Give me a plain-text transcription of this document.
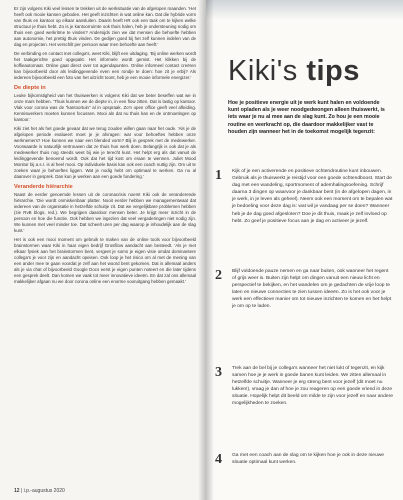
Er zijn volgens Kiki veel lessen te trekken uit de werksituatie van de afgelopen maanden. 'Het heeft ook mooie kansen geboden. Het geeft inzichten in wat online kan. Dat die hybride vorm van thuis en kantoor op elkaar aansluiten. Daarin heeft HR ook een taak om te kijken welke structuur je thuis hebt. Zo is je kantoorruimte ook thuis halen, heb je ondersteuning nodig om thuis een goed werkritme te vinden? Andersijds zien we dat mensen die behoefte hebben aan autonomie, het prettig thuis vinden. De gedijen goed bij het zelf kunnen indelen van de dag en projecten. Het verschilt per persoon waar men behoefte aan heeft.'

De verbinding en contact met collega's, weet Kiki, blijft een uitdaging. 'Bij online werken wordt het taakgerichte goed opgepakt. Het informele wordt gemist. Het klikken bij de koffieautomaat. Online gaat direct over tot agendapunten. Online informeel contact creëren kan bijvoorbeeld door als leidinggevende even een rondje te doen: hoe zit je erbij? Als iedereen bijvoorbeeld een foto van het uitzicht toont, heb je een mooie informele energizer.'

De diepte in

Leuke bijkomstigheid van het thuiswerken is volgens Kiki dat we beter beseffen wat we in onze mars hebben. 'Thuis kunnen we de diepte in, in een flow zitten. Dat is lastig op kantoor. Vlak voor corona was de "kantoortuin" al in opspraak. Zo'n open office geeft veel afleiding. Kenniswerkers moeten kunnen focussen. Mooi als dat nu thuis kan en de ontmoetingen op kantoor.'

Kiki ziet het als het goede gevaar dat we terug zouden willen gaan naar het oude. 'Als je de afgelopen periode evalueert moet je je afvragen: wat voor behoeftes hebben onze werknemers? Hoe kunnen we naar een blended vorm? Blij in gesprek met de medewerker. Voorwaarde is natuurlijk vertrouwen dat ze thuis hun werk doen. Belangrijk is ook dat je als medewerker thuis nog steeds weet bij wie je terecht kunt. Het helpt erg als dat vanuit de leidinggevende benoemd wordt. Ook dat het tijd kost om eraan te wennen. Juliet Mood Monitor bij a.s.r. is al heel mooi. Op individuele basis kan ook een coach nuttig zijn. Om uit te zoeken waar je behoeftes liggen. Wat je nodig hebt om optimaal te werken. Ga nu al daarover in gesprek. Dan kun je werken aan een goede fundering.'

Veranderde hiërarchie

Naast de eerder genoemde lessen uit de coronacrisis noemt Kiki ook de veranderende hiërarchie. 'Die wordt onmiskenbaar platter. Nooit eerder hebben we managementwaat dat iedereen van de organisatie in hetzelfde schuitje zit. Dat we vergelijkbare problemen hebben (zie RvB blogs, red.). We begrijpen daardoor mensen beter. Je krijgt meer inzicht in de persoon en hoe die functie. Ook hebben we ingezien dat veel vergaderingen niet nodig zijn. We kunnen met veel minder toe. Dat scheelt uren per dag waarop je inhoudelijk aan de slag kunt.'

Het is ook een mooi moment om gebruik te maken van de online tools voor bijvoorbeeld brainstormen waar Kiki in haar eigen bedrijf Grosfilow aandacht aan besteedt. 'Als je met elkaar fysiek aan het brainstormen bent, vergeet je soms je eigen visie omdat dominantere collega's je voor zijn en aandacht opeisen. Ook loop je het risico om al met de mening van een ander mee te gaan voordat je zelf aan het woord bent gekomen. Dat is allemaal anders als je via chat of bijvoorbeeld Google Docs eerst je eigen punten noteert en die later tijdens een gesprek deelt. Dan komen we vaak tot meer innovatieve ideeën. En dat zal ons allemaal makkelijker afgaan nu we door corona online een enorme vooruitgang hebben gemaakt.'

12 | i.p.-augustus 2020
Kiki's tips
Hoe je positieve energie uit je werk kunt halen en voldoende kunt opladen als je weer noodgedwongen alleen thuiswerkt, is iets waar je nu al mee aan de slag kunt. Zo hou je een mooie routine en veerkracht op, die daardoor makkelijker vast te houden zijn wanneer het in de toekomst mogelijk tegenzit:
1	Kijk of je een activerende en positieve ochtendroutine kunt inbouwen. Gebruik als je thuiswerkt je reistijd voor een goede ochtendboost. Start de dag met een wandeling, sportmoment of ademhalingsoefening. Schrijf daarna 3 dingen op waarvoor je dankbaar bent (in de afgelopen dagen, in je werk, in je leven als geheel). Neem ook een moment om te bepalen wat je bedoeling voor deze dag is: wat wil je vandaag per se doen? Wanneer heb je de dag goed afgesloten? Doe je dit thuis, maak je zelf invloed op hebt. Zo geef je positieve focus aan je dag en activeer je jezelf.
2	Blijf voldoende pauze nemen en ga naar buiten, ook wanneer het regent of grijs weer is. Buiten zijn helpt om dingen vanuit een nieuw licht en perspectief te bekijken, en het wandelen om je gedachten de vrije loop te laten en nieuwe connecties te zien tussen ideeën. Zo is het ook voor je werk een effectieve manier om tot nieuwe inzichten te komen en het helpt je om op te laden.
3	Trek aan de bel bij je collega's wanneer het niet lukt of tegenzit, en kijk samen hoe je je werk in goede banen kunt leiden. We zitten allemaal in hetzelfde schuitje. Wanneer je erg streng bent voor jezelf (dit moet nu lukken!), vraag je dan af hoe je zou reageren op een goede vriend in deze situatie. Hopelijk helpt dit beeld om milde te zijn voor jezelf en naar andere mogelijkheden te zoeken.
4	Ga met een coach aan de slag om te kijken hoe je ook in deze nieuwe situatie optimaal kunt werken.
